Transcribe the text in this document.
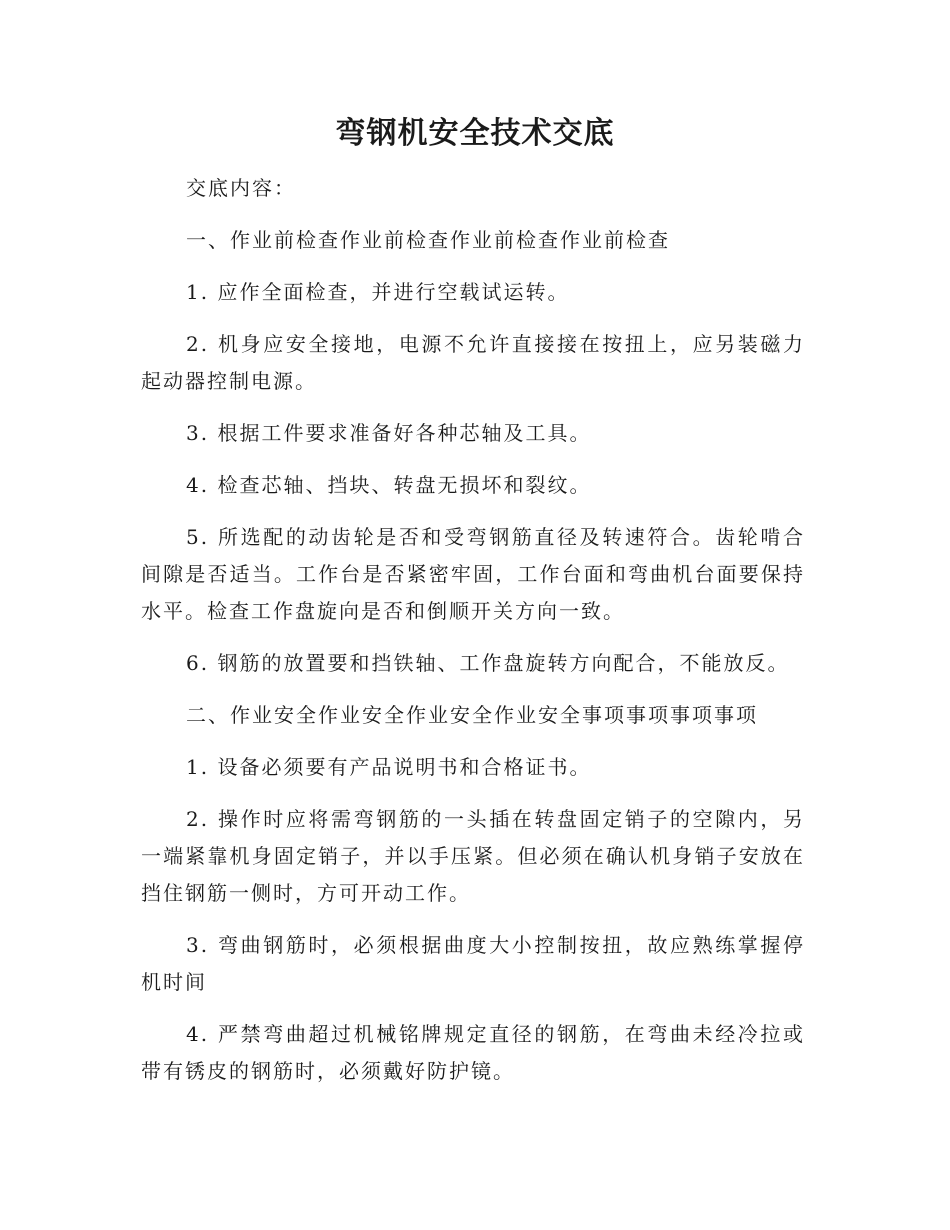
弯钢机安全技术交底

交底内容：

一、作业前检查作业前检查作业前检查作业前检查

1. 应作全面检查，并进行空载试运转。

2. 机身应安全接地，电源不允许直接接在按扭上，应另装磁力起动器控制电源。

3. 根据工件要求准备好各种芯轴及工具。

4. 检查芯轴、挡块、转盘无损坏和裂纹。

5. 所选配的动齿轮是否和受弯钢筋直径及转速符合。齿轮啃合间隙是否适当。工作台是否紧密牢固，工作台面和弯曲机台面要保持水平。检查工作盘旋向是否和倒顺开关方向一致。

6. 钢筋的放置要和挡铁轴、工作盘旋转方向配合，不能放反。

二、作业安全作业安全作业安全作业安全事项事项事项事项

1. 设备必须要有产品说明书和合格证书。

2. 操作时应将需弯钢筋的一头插在转盘固定销子的空隙内，另一端紧靠机身固定销子，并以手压紧。但必须在确认机身销子安放在挡住钢筋一侧时，方可开动工作。

3. 弯曲钢筋时，必须根据曲度大小控制按扭，故应熟练掌握停机时间

4. 严禁弯曲超过机械铭牌规定直径的钢筋，在弯曲未经冷拉或带有锈皮的钢筋时，必须戴好防护镜。
